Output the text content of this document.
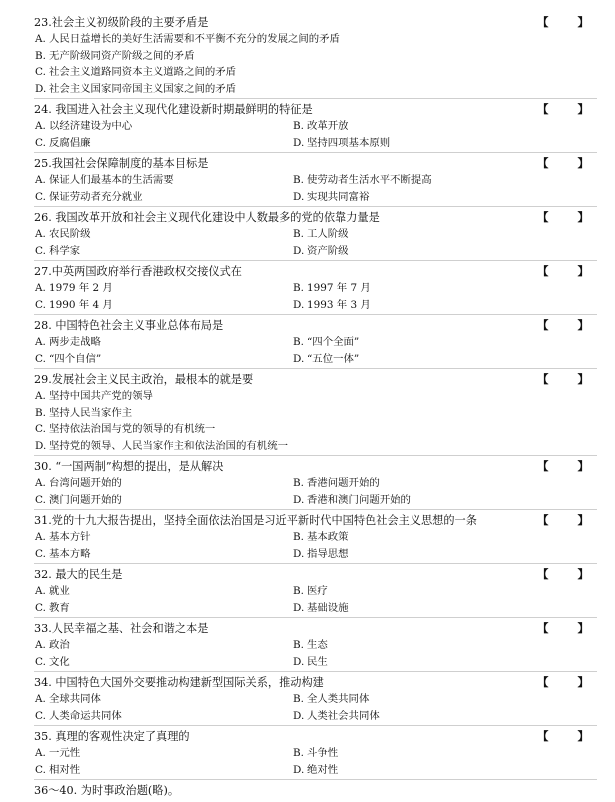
23.社会主义初级阶段的主要矛盾是	【	】
A. 人民日益增长的美好生活需要和不平衡不充分的发展之间的矛盾
B. 无产阶级同资产阶级之间的矛盾
C. 社会主义道路同资本主义道路之间的矛盾
D. 社会主义国家同帝国主义国家之间的矛盾
24. 我国进入社会主义现代化建设新时期最鲜明的特征是	【	】
A. 以经济建设为中心	B. 改革开放
C. 反腐倡廉	D. 坚持四项基本原则
25.我国社会保障制度的基本目标是	【	】
A. 保证人们最基本的生活需要	B. 使劳动者生活水平不断提高
C. 保证劳动者充分就业	D. 实现共同富裕
26. 我国改革开放和社会主义现代化建设中人数最多的党的依靠力量是	【	】
A. 农民阶级	B. 工人阶级
C. 科学家	D. 资产阶级
27.中英两国政府举行香港政权交接仪式在	【	】
A. 1979 年 2 月	B. 1997 年 7 月
C. 1990 年 4 月	D. 1993 年 3 月
28. 中国特色社会主义事业总体布局是	【	】
A. 两步走战略	B. “四个全面”
C. “四个自信”	D. “五位一体”
29.发展社会主义民主政治，最根本的就是要	【	】
A. 坚持中国共产党的领导
B. 坚持人民当家作主
C. 坚持依法治国与党的领导的有机统一
D. 坚持党的领导、人民当家作主和依法治国的有机统一
30. “一国两制”构想的提出，是从解决	【	】
A. 台湾问题开始的	B. 香港问题开始的
C. 澳门问题开始的	D. 香港和澳门问题开始的
31.党的十九大报告提出，坚持全面依法治国是习近平新时代中国特色社会主义思想的一条	【	】
A. 基本方针	B. 基本政策
C. 基本方略	D. 指导思想
32. 最大的民生是	【	】
A. 就业	B. 医疗
C. 教育	D. 基础设施
33.人民幸福之基、社会和谐之本是	【	】
A. 政治	B. 生态
C. 文化	D. 民生
34. 中国特色大国外交要推动构建新型国际关系，推动构建	【	】
A. 全球共同体	B. 全人类共同体
C. 人类命运共同体	D. 人类社会共同体
35. 真理的客观性决定了真理的	【	】
A. 一元性	B. 斗争性
C. 相对性	D. 绝对性
36～40. 为时事政治题(略)。
